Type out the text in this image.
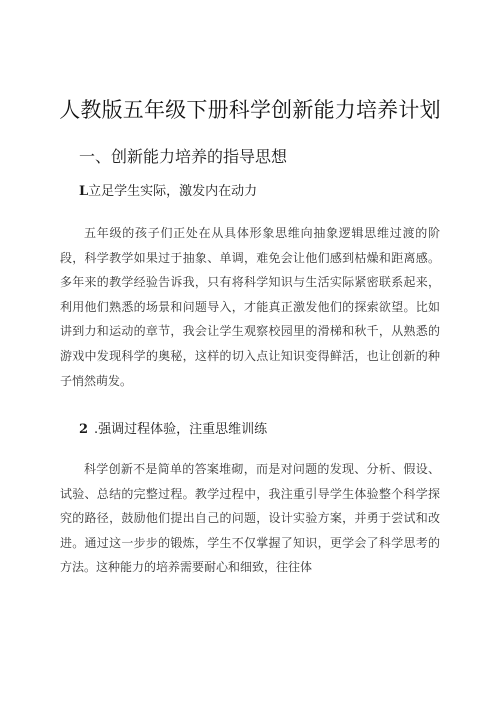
人教版五年级下册科学创新能力培养计划
一、创新能力培养的指导思想
L立足学生实际，激发内在动力

五年级的孩子们正处在从具体形象思维向抽象逻辑思维过渡的阶段，科学教学如果过于抽象、单调，难免会让他们感到枯燥和距离感。多年来的教学经验告诉我，只有将科学知识与生活实际紧密联系起来，利用他们熟悉的场景和问题导入，才能真正激发他们的探索欲望。比如讲到力和运动的章节，我会让学生观察校园里的滑梯和秋千，从熟悉的游戏中发现科学的奥秘，这样的切入点让知识变得鲜活，也让创新的种子悄然萌发。

2 .强调过程体验，注重思维训练

科学创新不是简单的答案堆砌，而是对问题的发现、分析、假设、试验、总结的完整过程。教学过程中，我注重引导学生体验整个科学探究的路径，鼓励他们提出自己的问题，设计实验方案，并勇于尝试和改进。通过这一步步的锻炼，学生不仅掌握了知识，更学会了科学思考的方法。这种能力的培养需要耐心和细致，往往体
